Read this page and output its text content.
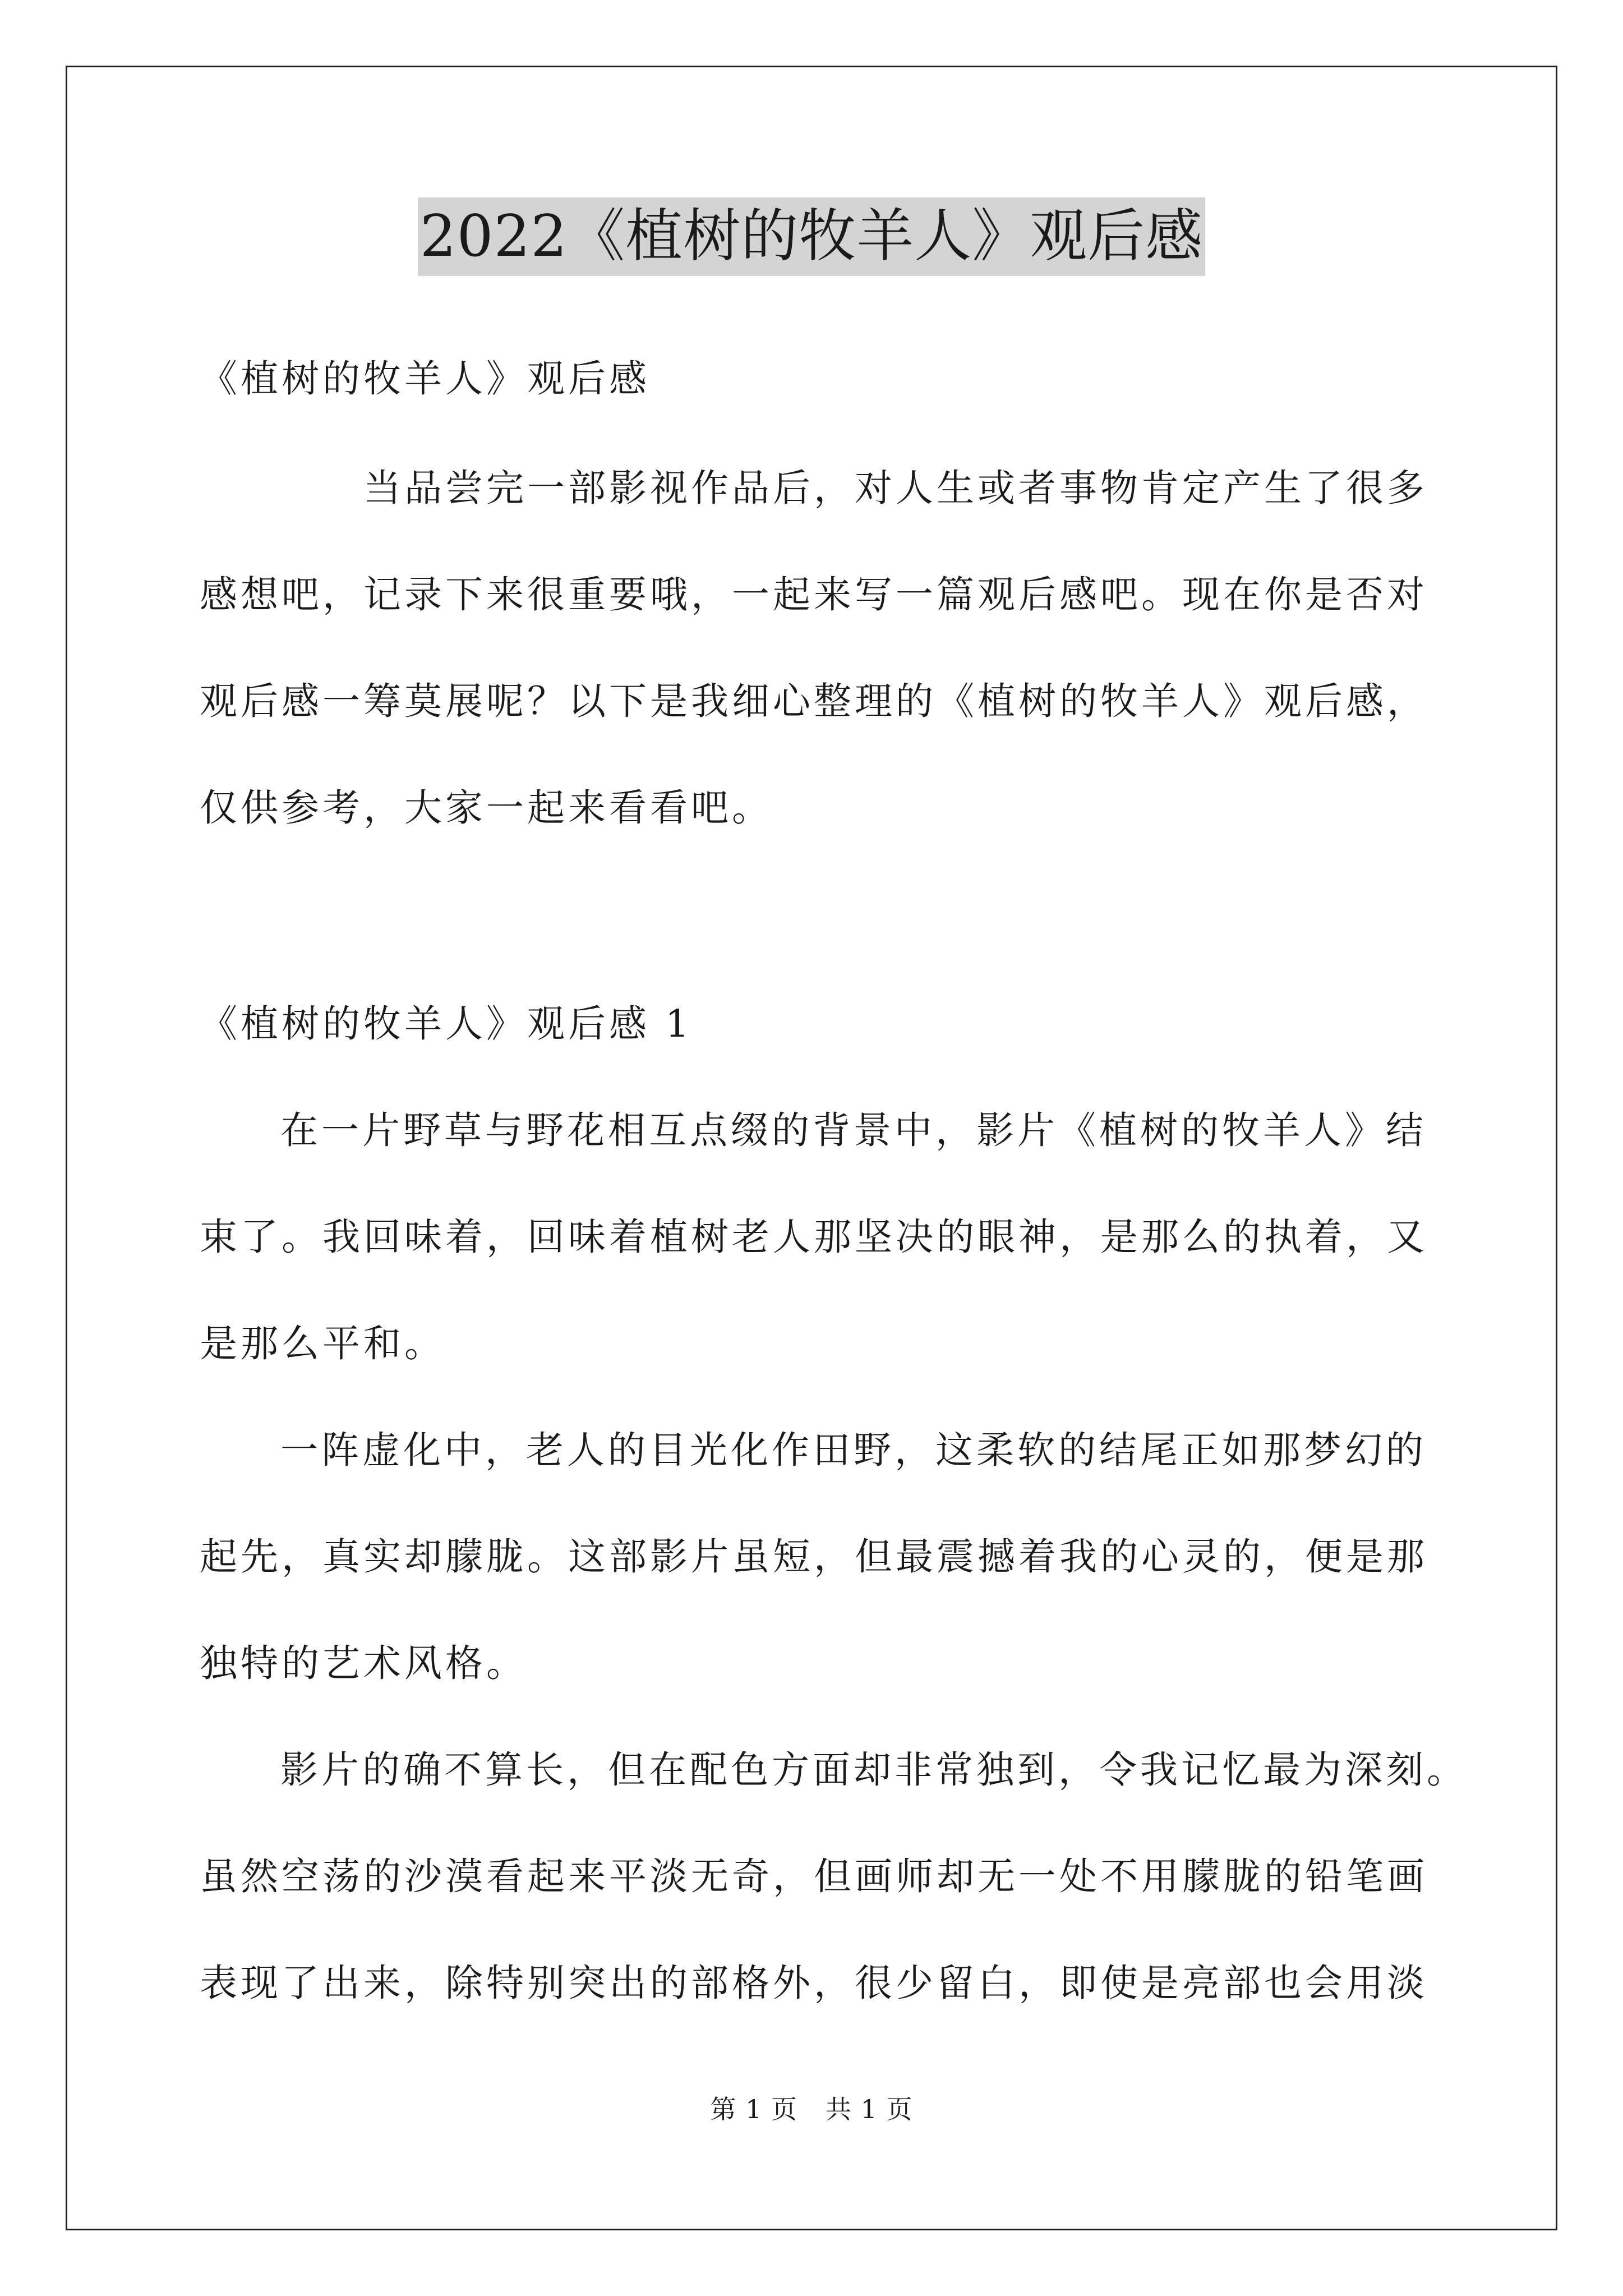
2022《植树的牧羊人》观后感
《植树的牧羊人》观后感
当品尝完一部影视作品后，对人生或者事物肯定产生了很多
感想吧，记录下来很重要哦，一起来写一篇观后感吧。现在你是否对
观后感一筹莫展呢？以下是我细心整理的《植树的牧羊人》观后感，
仅供参考，大家一起来看看吧。
《植树的牧羊人》观后感 1
在一片野草与野花相互点缀的背景中，影片《植树的牧羊人》结
束了。我回味着，回味着植树老人那坚决的眼神，是那么的执着，又
是那么平和。
一阵虚化中，老人的目光化作田野，这柔软的结尾正如那梦幻的
起先，真实却朦胧。这部影片虽短，但最震撼着我的心灵的，便是那
独特的艺术风格。
影片的确不算长，但在配色方面却非常独到，令我记忆最为深刻。
虽然空荡的沙漠看起来平淡无奇，但画师却无一处不用朦胧的铅笔画
表现了出来，除特别突出的部格外，很少留白，即使是亮部也会用淡
第 1 页 共 1 页
